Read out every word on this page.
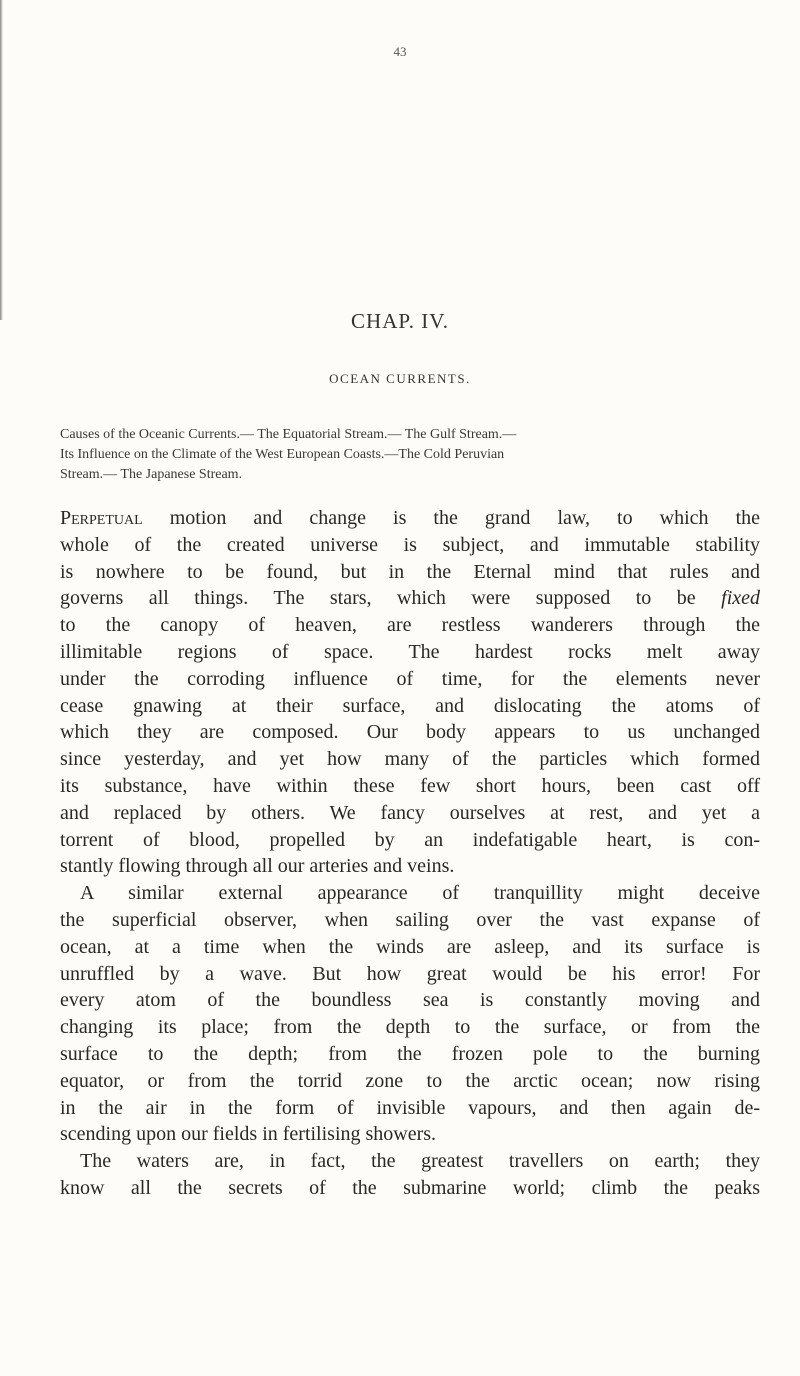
43
CHAP. IV.
OCEAN CURRENTS.
Causes of the Oceanic Currents.— The Equatorial Stream.— The Gulf Stream.—
Its Influence on the Climate of the West European Coasts.—The Cold Peruvian
Stream.— The Japanese Stream.
Perpetual motion and change is the grand law, to which the
whole of the created universe is subject, and immutable stability
is nowhere to be found, but in the Eternal mind that rules and
governs all things. The stars, which were supposed to be fixed
to the canopy of heaven, are restless wanderers through the
illimitable regions of space. The hardest rocks melt away
under the corroding influence of time, for the elements never
cease gnawing at their surface, and dislocating the atoms of
which they are composed. Our body appears to us unchanged
since yesterday, and yet how many of the particles which formed
its substance, have within these few short hours, been cast off
and replaced by others. We fancy ourselves at rest, and yet a
torrent of blood, propelled by an indefatigable heart, is con-
stantly flowing through all our arteries and veins.
A similar external appearance of tranquillity might deceive
the superficial observer, when sailing over the vast expanse of
ocean, at a time when the winds are asleep, and its surface is
unruffled by a wave. But how great would be his error! For
every atom of the boundless sea is constantly moving and
changing its place; from the depth to the surface, or from the
surface to the depth; from the frozen pole to the burning
equator, or from the torrid zone to the arctic ocean; now rising
in the air in the form of invisible vapours, and then again de-
scending upon our fields in fertilising showers.
The waters are, in fact, the greatest travellers on earth; they
know all the secrets of the submarine world; climb the peaks
